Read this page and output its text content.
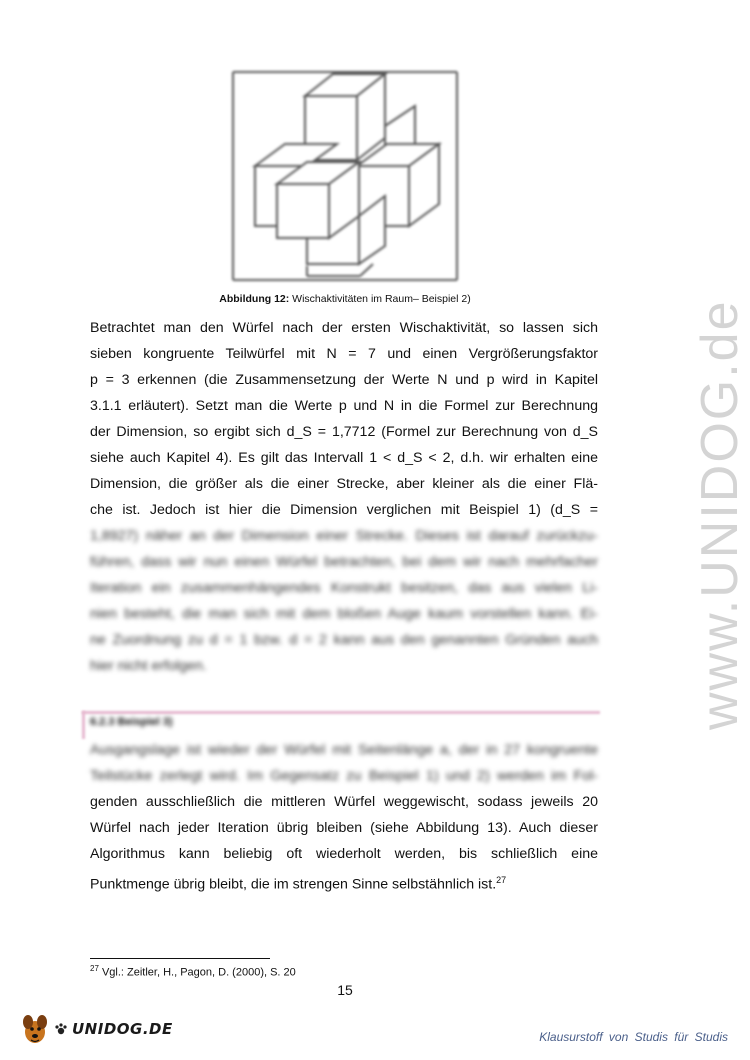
Abbildung 12: Wischaktivitäten im Raum– Beispiel 2)
Betrachtet man den Würfel nach der ersten Wischaktivität, so lassen sich
sieben kongruente Teilwürfel mit N = 7 und einen Vergrößerungsfaktor
p = 3 erkennen (die Zusammensetzung der Werte N und p wird in Kapitel
3.1.1 erläutert). Setzt man die Werte p und N in die Formel zur Berechnung
der Dimension, so ergibt sich d_S = 1,7712 (Formel zur Berechnung von d_S
siehe auch Kapitel 4). Es gilt das Intervall 1 < d_S < 2, d.h. wir erhalten eine
Dimension, die größer als die einer Strecke, aber kleiner als die einer Flä-
che ist. Jedoch ist hier die Dimension verglichen mit Beispiel 1) (d_S =
1,8927) näher an der Dimension einer Strecke. Dieses ist darauf zurückzu-
führen, dass wir nun einen Würfel betrachten, bei dem wir nach mehrfacher
Iteration ein zusammenhängendes Konstrukt besitzen, das aus vielen Li-
nien besteht, die man sich mit dem bloßen Auge kaum vorstellen kann. Ei-
ne Zuordnung zu d = 1 bzw. d = 2 kann aus den genannten Gründen auch
hier nicht erfolgen.
6.2.3 Beispiel 3)
Ausgangslage ist wieder der Würfel mit Seitenlänge a, der in 27 kongruente
Teilstücke zerlegt wird. Im Gegensatz zu Beispiel 1) und 2) werden im Fol-
genden ausschließlich die mittleren Würfel weggewischt, sodass jeweils 20
Würfel nach jeder Iteration übrig bleiben (siehe Abbildung 13). Auch dieser
Algorithmus kann beliebig oft wiederholt werden, bis schließlich eine
Punktmenge übrig bleibt, die im strengen Sinne selbstähnlich ist.$^{27}$
$^{27}$ Vgl.: Zeitler, H., Pagon, D. (2000), S. 20
15
UNIDOG.DE	Klausurstoff von Studis für Studis
www.UNIDOG.de
